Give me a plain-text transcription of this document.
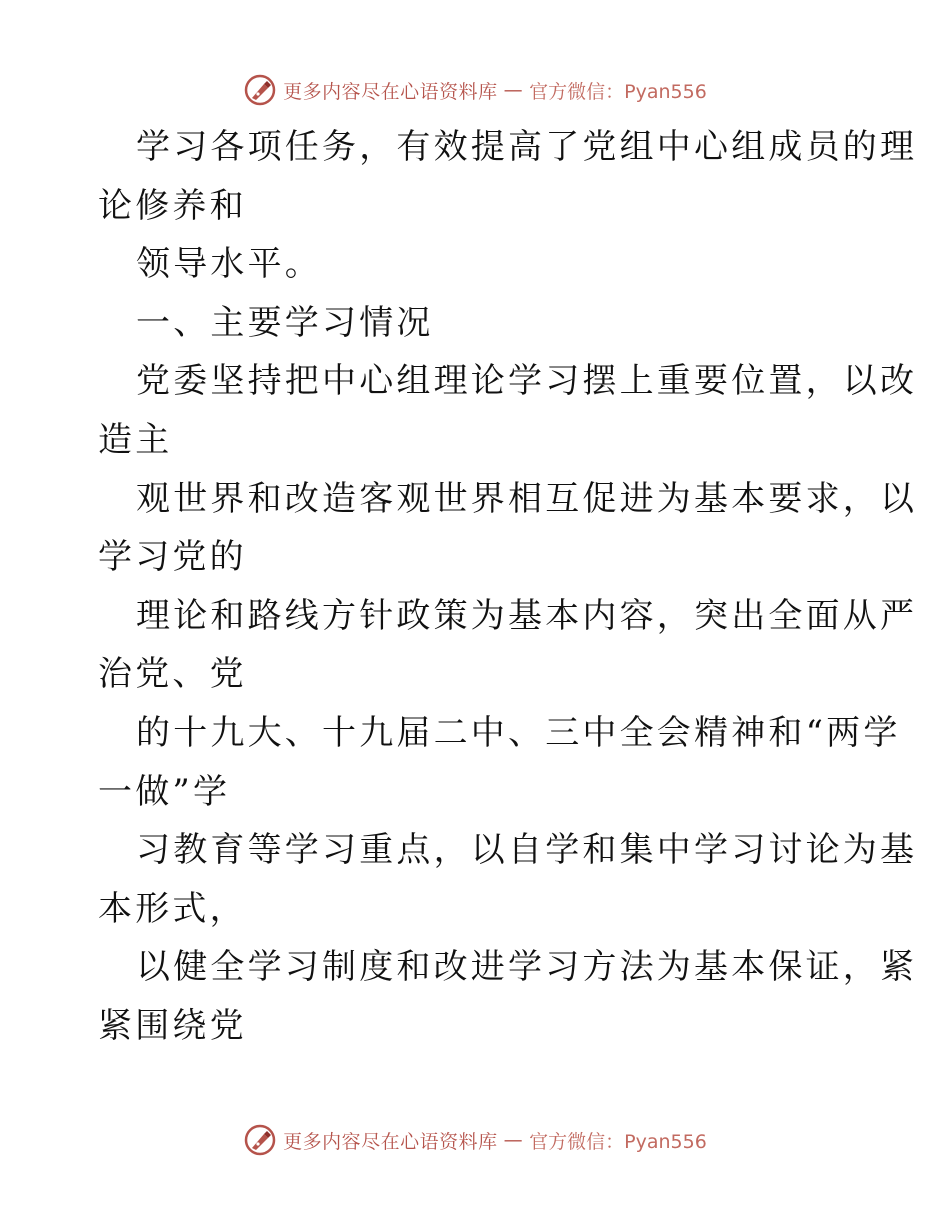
更多内容尽在心语资料库 — 官方微信：Pyan556
学习各项任务，有效提高了党组中心组成员的理
论修养和
领导水平。
一、主要学习情况
党委坚持把中心组理论学习摆上重要位置，以改
造主
观世界和改造客观世界相互促进为基本要求，以
学习党的
理论和路线方针政策为基本内容，突出全面从严
治党、党
的十九大、十九届二中、三中全会精神和“两学
一做”学
习教育等学习重点，以自学和集中学习讨论为基
本形式，
以健全学习制度和改进学习方法为基本保证，紧
紧围绕党
更多内容尽在心语资料库 — 官方微信：Pyan556
